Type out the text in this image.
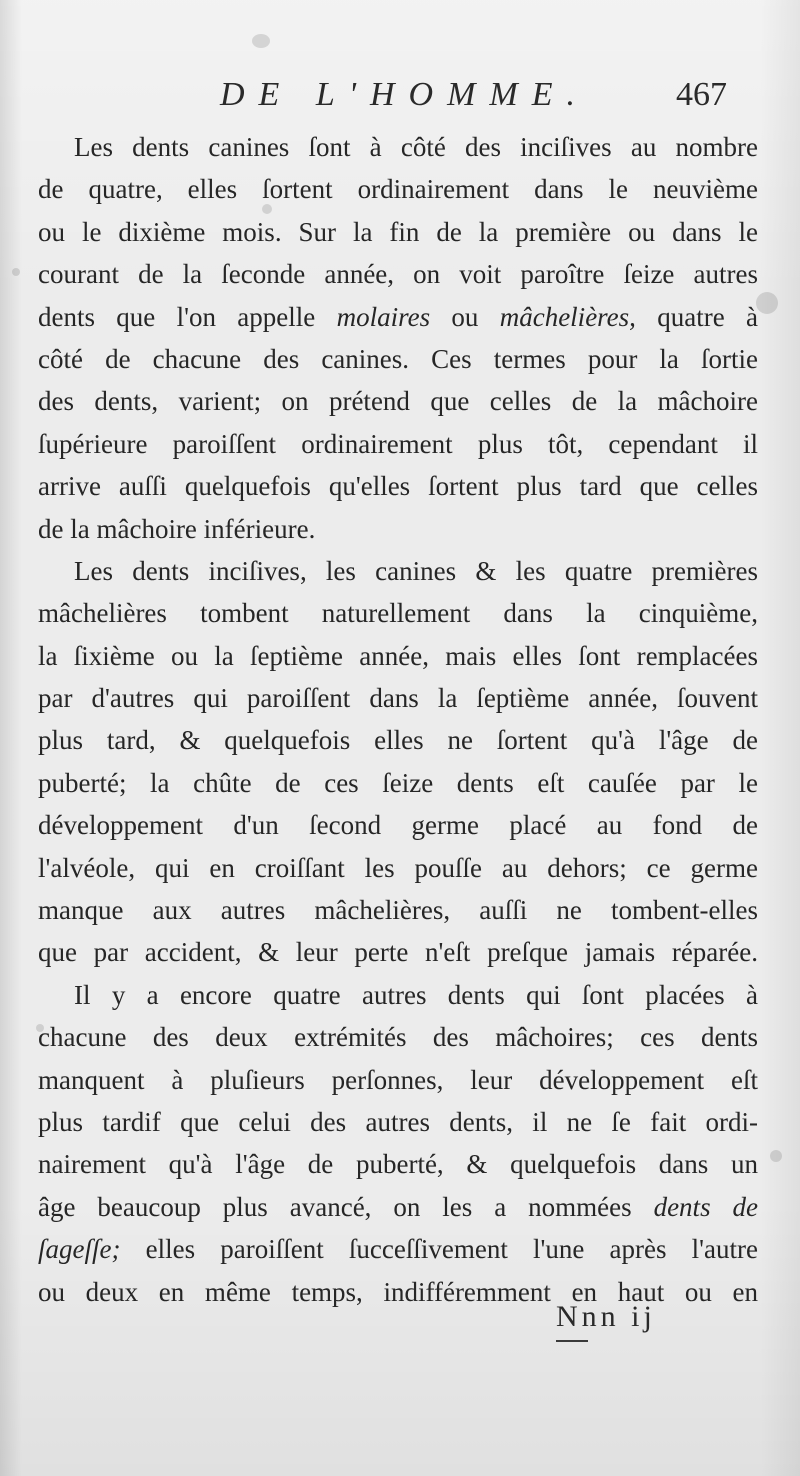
DE L'HOMME.	467
Les dents canines ſont à côté des inciſives au nombre
de quatre, elles ſortent ordinairement dans le neuvième
ou le dixième mois. Sur la fin de la première ou dans le
courant de la ſeconde année, on voit paroître ſeize autres
dents que l'on appelle molaires ou mâchelières, quatre à
côté de chacune des canines. Ces termes pour la ſortie
des dents, varient; on prétend que celles de la mâchoire
ſupérieure paroiſſent ordinairement plus tôt, cependant il
arrive auſſi quelquefois qu'elles ſortent plus tard que celles
de la mâchoire inférieure.
Les dents inciſives, les canines & les quatre premières
mâchelières tombent naturellement dans la cinquième,
la ſixième ou la ſeptième année, mais elles ſont remplacées
par d'autres qui paroiſſent dans la ſeptième année, ſouvent
plus tard, & quelquefois elles ne ſortent qu'à l'âge de
puberté; la chûte de ces ſeize dents eſt cauſée par le
développement d'un ſecond germe placé au fond de
l'alvéole, qui en croiſſant les pouſſe au dehors; ce germe
manque aux autres mâchelières, auſſi ne tombent-elles
que par accident, & leur perte n'eſt preſque jamais réparée.
Il y a encore quatre autres dents qui ſont placées à
chacune des deux extrémités des mâchoires; ces dents
manquent à pluſieurs perſonnes, leur développement eſt
plus tardif que celui des autres dents, il ne ſe fait ordi-
nairement qu'à l'âge de puberté, & quelquefois dans un
âge beaucoup plus avancé, on les a nommées dents de
ſageſſe; elles paroiſſent ſucceſſivement l'une après l'autre
ou deux en même temps, indifféremment en haut ou en
Nnn ij
